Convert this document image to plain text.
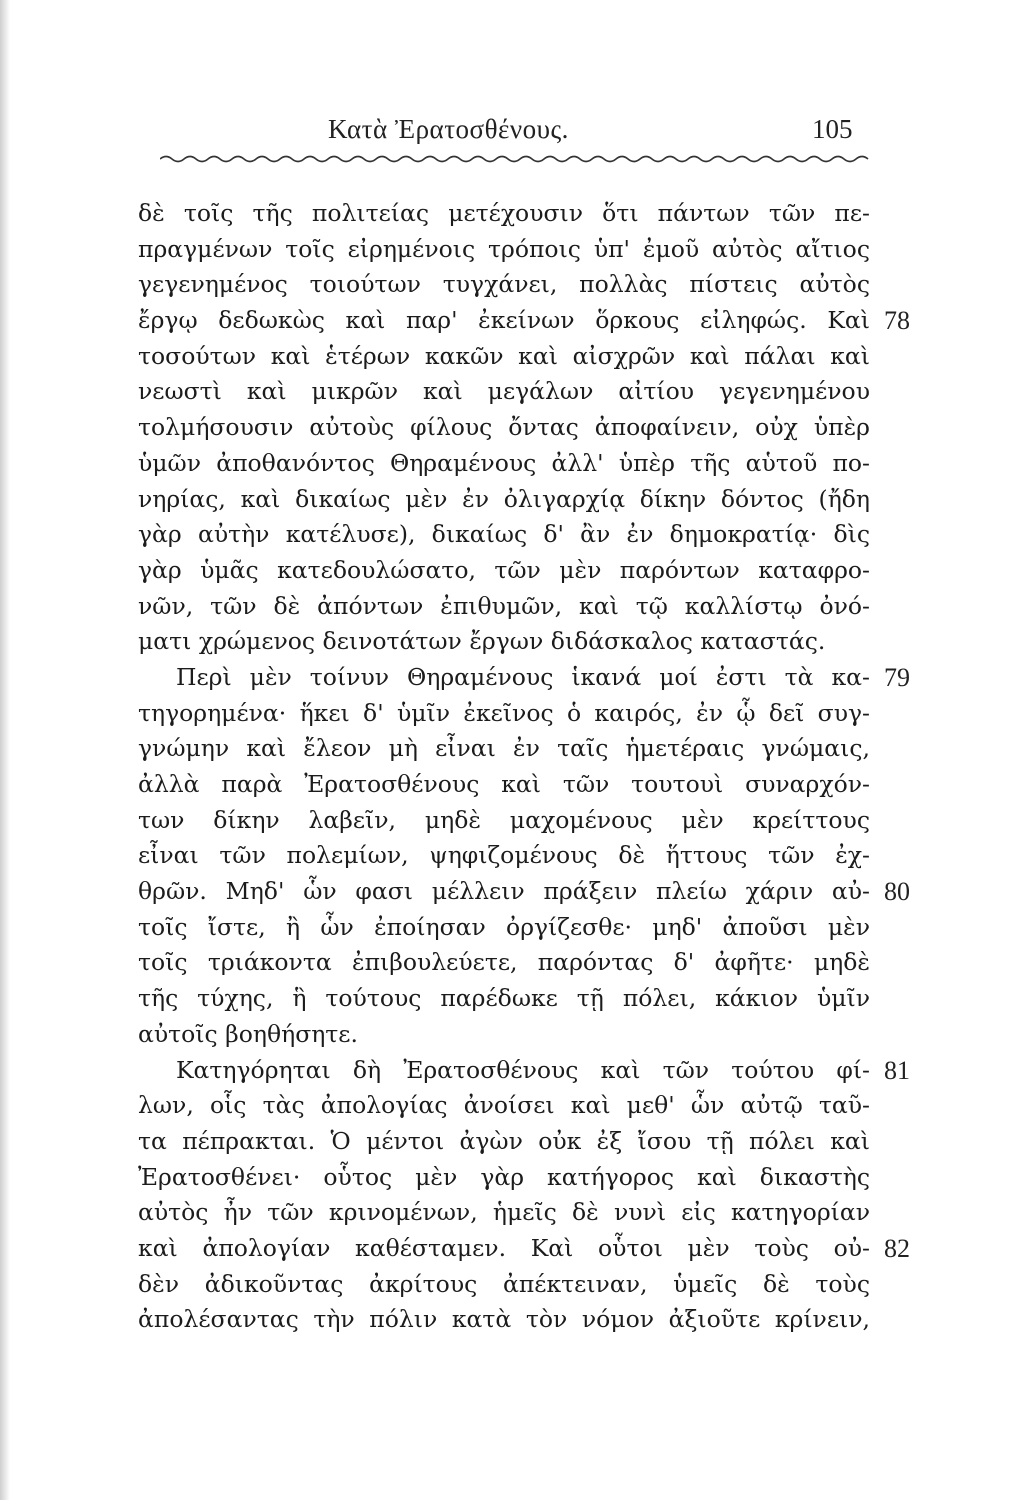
Κατὰ Ἐρατοσθένους.	105
δὲ τοῖς τῆς πολιτείας μετέχουσιν ὅτι πάντων τῶν πε-
πραγμένων τοῖς εἰρημένοις τρόποις ὑπ' ἐμοῦ αὐτὸς αἴτιος
γεγενημένος τοιούτων τυγχάνει, πολλὰς πίστεις αὐτὸς
ἔργῳ δεδωκὼς καὶ παρ' ἐκείνων ὅρκους εἰληφώς. Καὶ
τοσούτων καὶ ἑτέρων κακῶν καὶ αἰσχρῶν καὶ πάλαι καὶ
νεωστὶ καὶ μικρῶν καὶ μεγάλων αἰτίου γεγενημένου
τολμήσουσιν αὐτοὺς φίλους ὄντας ἀποφαίνειν, οὐχ ὑπὲρ
ὑμῶν ἀποθανόντος Θηραμένους ἀλλ' ὑπὲρ τῆς αὑτοῦ πο-
νηρίας, καὶ δικαίως μὲν ἐν ὀλιγαρχίᾳ δίκην δόντος (ἤδη
γὰρ αὐτὴν κατέλυσε), δικαίως δ' ἂν ἐν δημοκρατίᾳ· δὶς
γὰρ ὑμᾶς κατεδουλώσατο, τῶν μὲν παρόντων καταφρο-
νῶν, τῶν δὲ ἀπόντων ἐπιθυμῶν, καὶ τῷ καλλίστῳ ὀνό-
ματι χρώμενος δεινοτάτων ἔργων διδάσκαλος καταστάς.
Περὶ μὲν τοίνυν Θηραμένους ἱκανά μοί ἐστι τὰ κα-
τηγορημένα· ἥκει δ' ὑμῖν ἐκεῖνος ὁ καιρός, ἐν ᾧ δεῖ συγ-
γνώμην καὶ ἔλεον μὴ εἶναι ἐν ταῖς ἡμετέραις γνώμαις,
ἀλλὰ παρὰ Ἐρατοσθένους καὶ τῶν τουτουὶ συναρχόν-
των δίκην λαβεῖν, μηδὲ μαχομένους μὲν κρείττους
εἶναι τῶν πολεμίων, ψηφιζομένους δὲ ἥττους τῶν ἐχ-
θρῶν. Μηδ' ὧν φασι μέλλειν πράξειν πλείω χάριν αὐ-
τοῖς ἴστε, ἢ ὧν ἐποίησαν ὀργίζεσθε· μηδ' ἀποῦσι μὲν
τοῖς τριάκοντα ἐπιβουλεύετε, παρόντας δ' ἀφῆτε· μηδὲ
τῆς τύχης, ἣ τούτους παρέδωκε τῇ πόλει, κάκιον ὑμῖν
αὐτοῖς βοηθήσητε.
Κατηγόρηται δὴ Ἐρατοσθένους καὶ τῶν τούτου φί-
λων, οἷς τὰς ἀπολογίας ἀνοίσει καὶ μεθ' ὧν αὐτῷ ταῦ-
τα πέπρακται. Ὁ μέντοι ἀγὼν οὐκ ἐξ ἴσου τῇ πόλει καὶ
Ἐρατοσθένει· οὗτος μὲν γὰρ κατήγορος καὶ δικαστὴς
αὐτὸς ἦν τῶν κρινομένων, ἡμεῖς δὲ νυνὶ εἰς κατηγορίαν
καὶ ἀπολογίαν καθέσταμεν. Καὶ οὗτοι μὲν τοὺς οὐ-
δὲν ἀδικοῦντας ἀκρίτους ἀπέκτειναν, ὑμεῖς δὲ τοὺς
ἀπολέσαντας τὴν πόλιν κατὰ τὸν νόμον ἀξιοῦτε κρίνειν,
78
79
80
81
82
